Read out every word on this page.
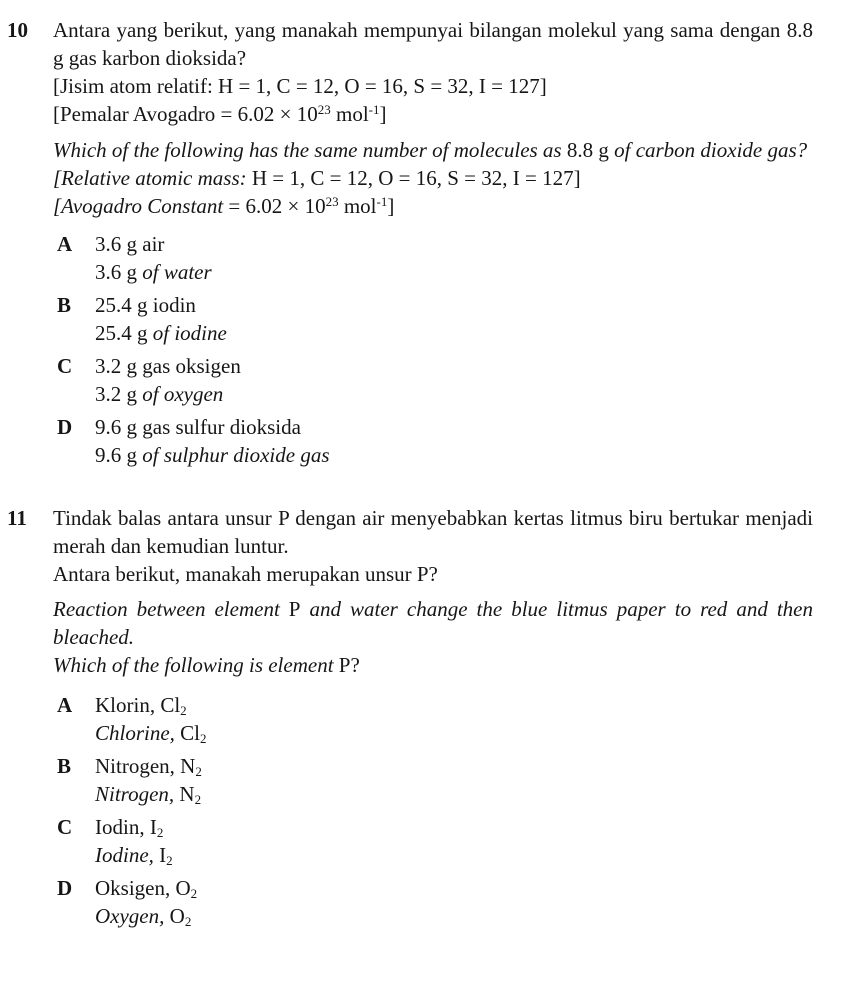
10	Antara yang berikut, yang manakah mempunyai bilangan molekul yang sama dengan 8.8 g gas karbon dioksida?

[Jisim atom relatif: H = 1, C = 12, O = 16, S = 32, I = 127]

[Pemalar Avogadro = $6.02 \times 10^{23}$ mol$^{-1}$]

Which of the following has the same number of molecules as 8.8 g of carbon dioxide gas?

[Relative atomic mass: H = 1, C = 12, O = 16, S = 32, I = 127]

[Avogadro Constant = $6.02 \times 10^{23}$ mol$^{-1}$]

A	3.6 g air
3.6 g of water
B	25.4 g iodin
25.4 g of iodine
C	3.2 g gas oksigen
3.2 g of oxygen
D	9.6 g gas sulfur dioksida
9.6 g of sulphur dioxide gas
11	Tindak balas antara unsur P dengan air menyebabkan kertas litmus biru bertukar menjadi merah dan kemudian luntur.

Antara berikut, manakah merupakan unsur P?

Reaction between element P and water change the blue litmus paper to red and then bleached.

Which of the following is element P?

A	Klorin, $Cl_2$
Chlorine, $Cl_2$
B	Nitrogen, $N_2$
Nitrogen, $N_2$
C	Iodin, $I_2$
Iodine, $I_2$
D	Oksigen, $O_2$
Oxygen, $O_2$
